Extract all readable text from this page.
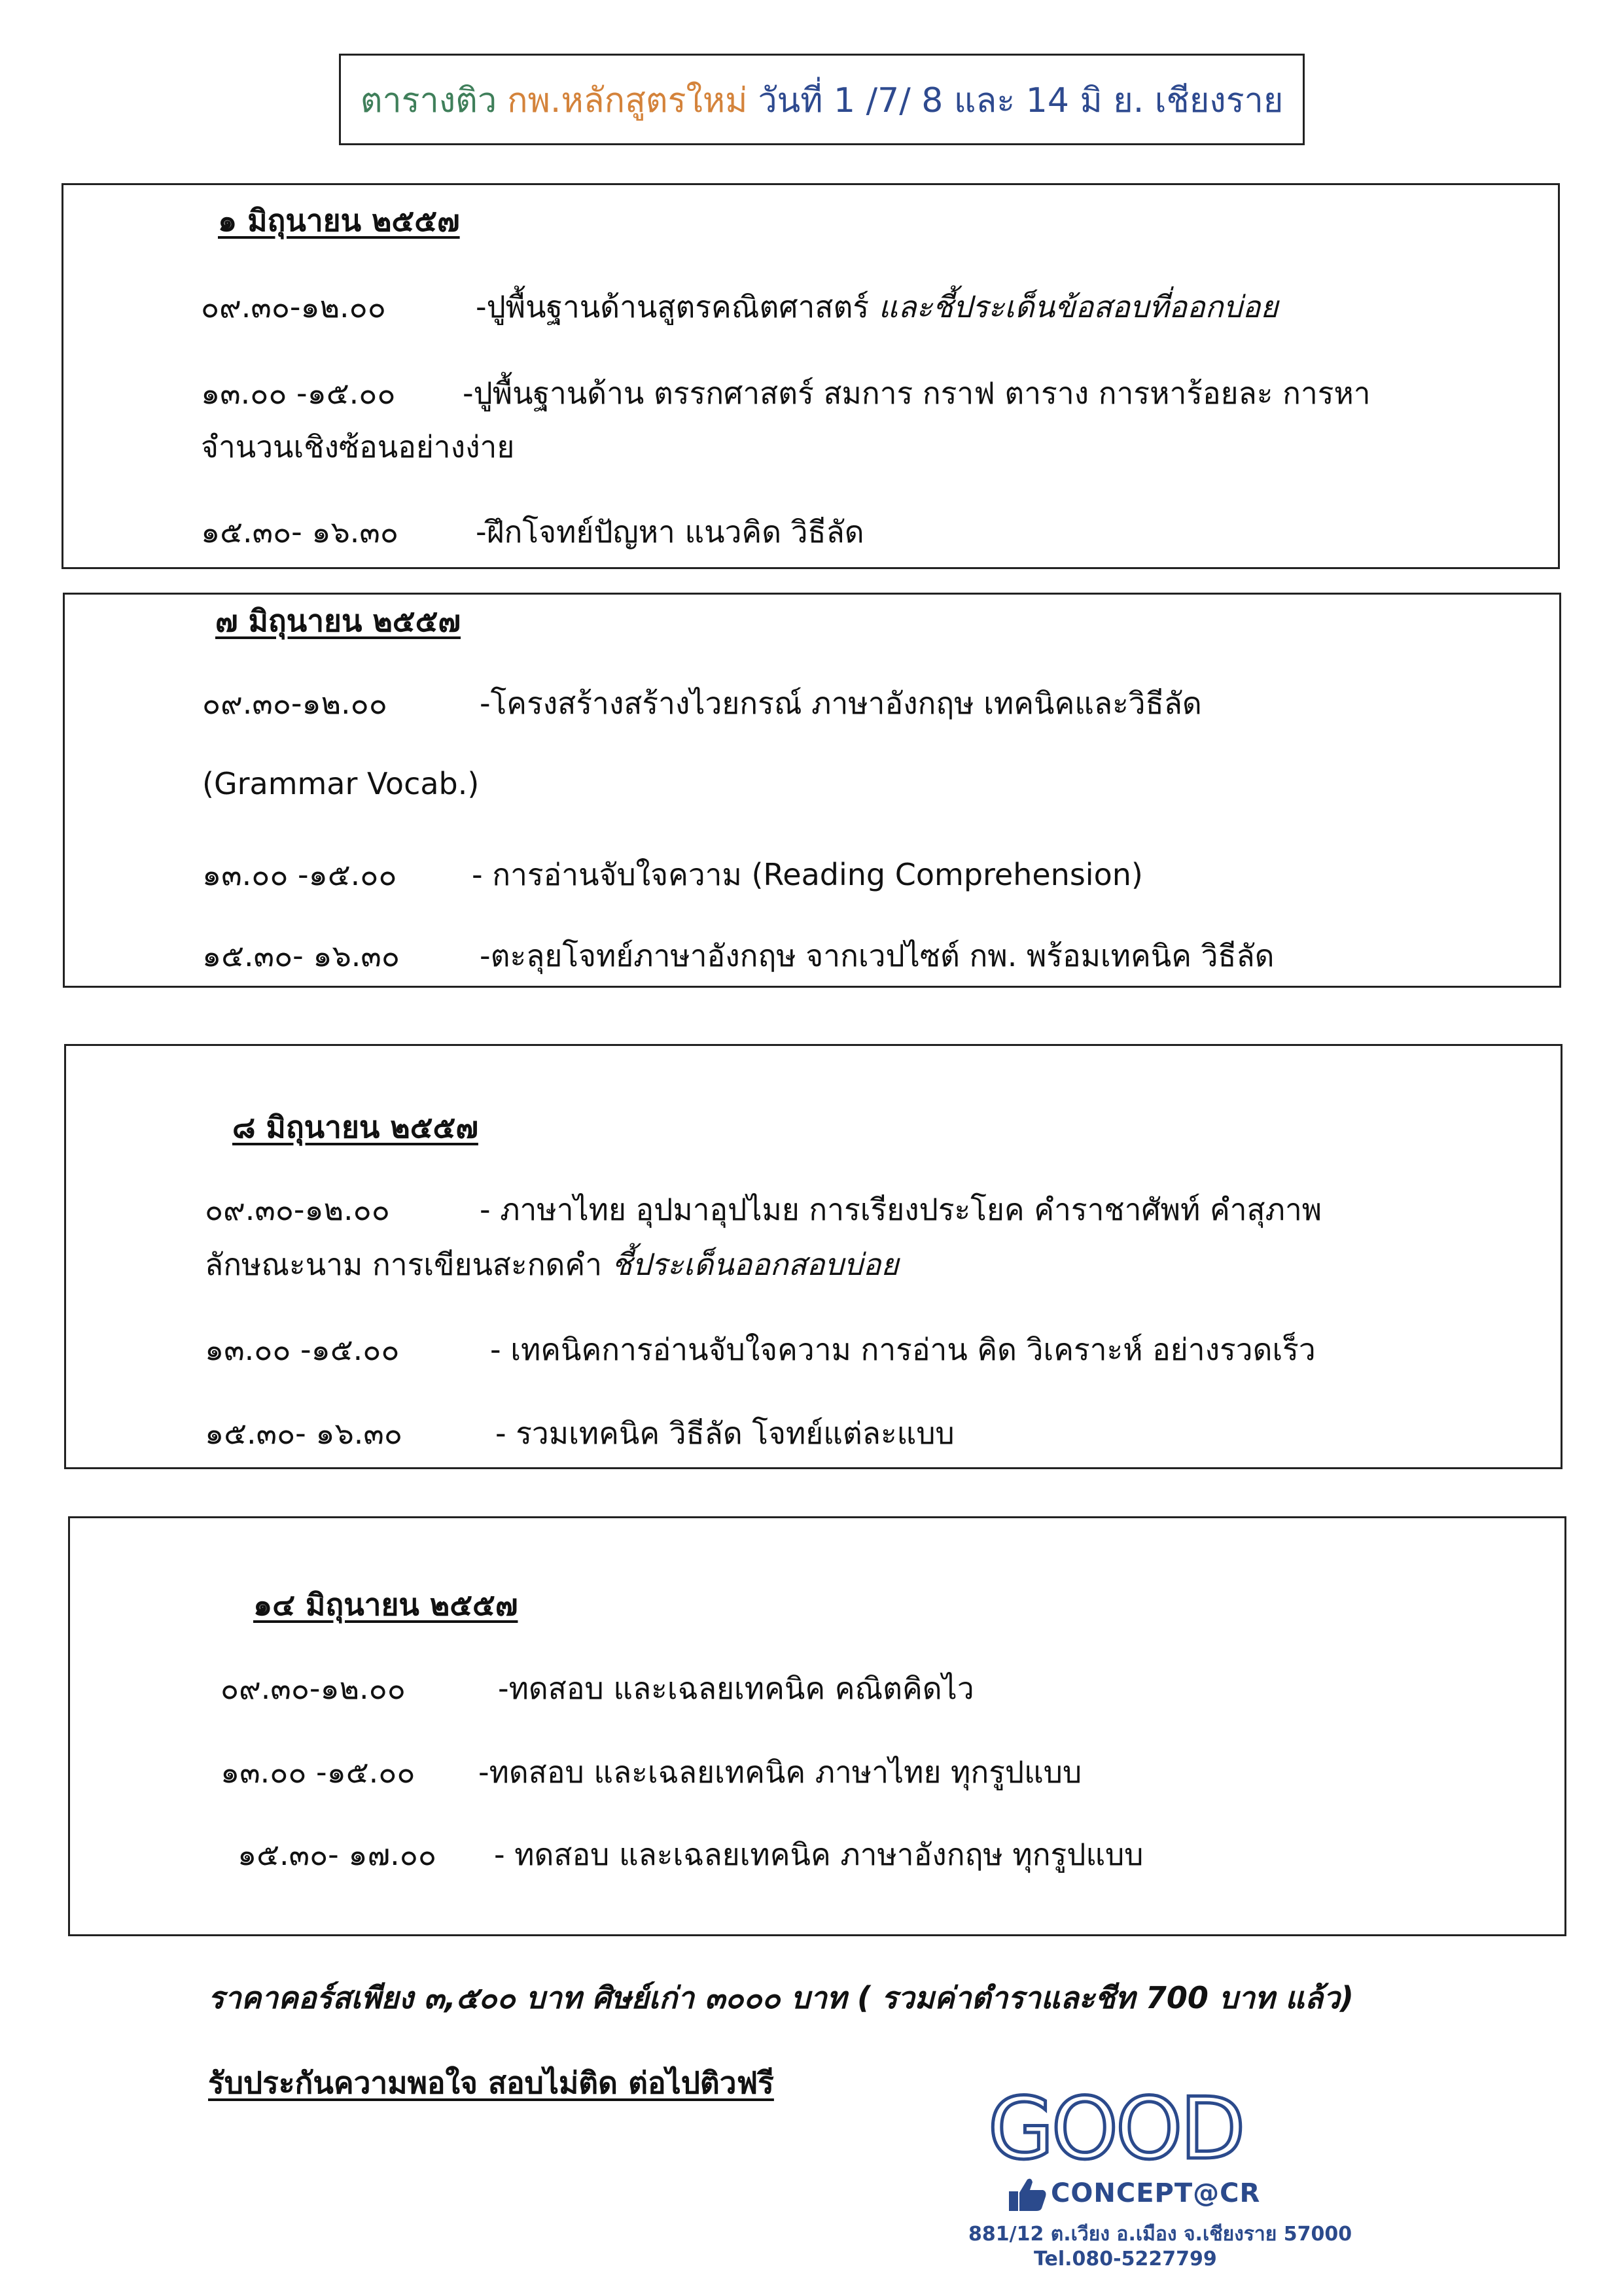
ตารางติว กพ.หลักสูตรใหม่ วันที่ 1 /7/ 8 และ 14 มิ ย. เชียงราย
๑ มิถุนายน ๒๕๕๗
๐๙.๓๐-๑๒.๐๐	-ปูพื้นฐานด้านสูตรคณิตศาสตร์ และชี้ประเด็นข้อสอบที่ออกบ่อย
๑๓.๐๐ -๑๕.๐๐ -ปูพื้นฐานด้าน ตรรกศาสตร์ สมการ กราฟ ตาราง การหาร้อยละ การหา
จำนวนเชิงซ้อนอย่างง่าย
๑๕.๓๐- ๑๖.๓๐	-ฝึกโจทย์ปัญหา แนวคิด วิธีลัด
๗ มิถุนายน ๒๕๕๗
๐๙.๓๐-๑๒.๐๐	-โครงสร้างสร้างไวยกรณ์ ภาษาอังกฤษ เทคนิคและวิธีลัด
(Grammar Vocab.)
๑๓.๐๐ -๑๕.๐๐ - การอ่านจับใจความ (Reading Comprehension)
๑๕.๓๐- ๑๖.๓๐	-ตะลุยโจทย์ภาษาอังกฤษ จากเวปไซต์ กพ. พร้อมเทคนิค วิธีลัด
๘ มิถุนายน ๒๕๕๗
๐๙.๓๐-๑๒.๐๐	- ภาษาไทย อุปมาอุปไมย การเรียงประโยค คำราชาศัพท์ คำสุภาพ
ลักษณะนาม การเขียนสะกดคำ ชี้ประเด็นออกสอบบ่อย
๑๓.๐๐ -๑๕.๐๐	- เทคนิคการอ่านจับใจความ การอ่าน คิด วิเคราะห์ อย่างรวดเร็ว
๑๕.๓๐- ๑๖.๓๐	- รวมเทคนิค วิธีลัด โจทย์แต่ละแบบ
๑๔ มิถุนายน ๒๕๕๗
๐๙.๓๐-๑๒.๐๐	-ทดสอบ และเฉลยเทคนิค คณิตคิดไว
๑๓.๐๐ -๑๕.๐๐ -ทดสอบ และเฉลยเทคนิค ภาษาไทย ทุกรูปแบบ
๑๕.๓๐- ๑๗.๐๐ - ทดสอบ และเฉลยเทคนิค ภาษาอังกฤษ ทุกรูปแบบ
ราคาคอร์สเพียง ๓,๕๐๐ บาท ศิษย์เก่า ๓๐๐๐ บาท ( รวมค่าตำราและชีท 700 บาท แล้ว)
รับประกันความพอใจ สอบไม่ติด ต่อไปติวฟรี	GOOD
CONCEPT@CR
881/12 ต.เวียง อ.เมือง จ.เชียงราย 57000
Tel.080-5227799
